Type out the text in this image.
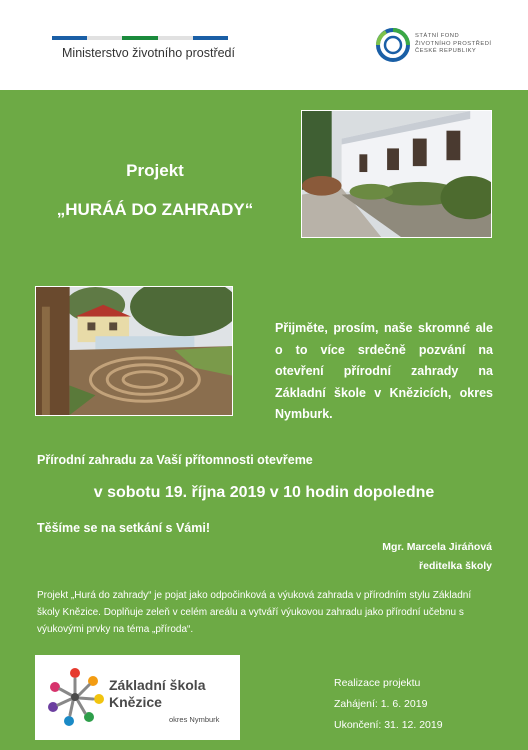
Ministerstvo životního prostředí
STÁTNÍ FOND
ŽIVOTNÍHO PROSTŘEDÍ
ČESKÉ REPUBLIKY
Projekt
„HURÁÁ DO ZAHRADY“
Přijměte, prosím, naše skromné ale o to více srdečně pozvání na otevření přírodní zahrady na Základní škole v Knězicích, okres Nymburk.
Přírodní zahradu za Vaší přítomnosti otevřeme
v sobotu 19. října 2019 v 10 hodin dopoledne
Těšíme se na setkání s Vámi!
Mgr. Marcela Jiráňová
ředitelka školy
Projekt „Hurá do zahrady“ je pojat jako odpočinková a výuková zahrada v přírodním stylu Základní školy Knězice. Doplňuje zeleň v celém areálu a vytváří výukovou zahradu jako přírodní učebnu s výukovými prvky na téma „příroda“.
Základní škola
Knězice
okres Nymburk
Realizace projektu
Zahájení: 1. 6. 2019
Ukončení: 31. 12. 2019
